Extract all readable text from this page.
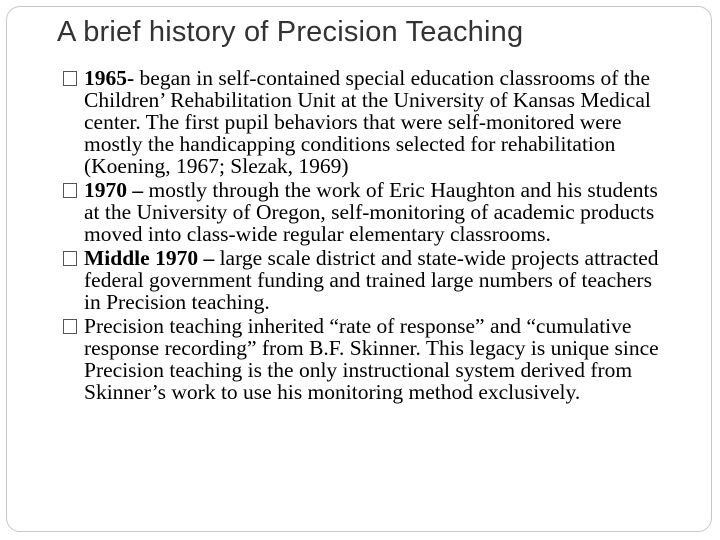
A brief history of Precision Teaching
1965- began in self-contained special education classrooms of the Children’ Rehabilitation Unit at the University of Kansas Medical center. The first pupil behaviors that were self-monitored were mostly the handicapping conditions selected for rehabilitation (Koening, 1967; Slezak, 1969)
1970 – mostly through the work of Eric Haughton and his students at the University of Oregon, self-monitoring of academic products moved into class-wide regular elementary classrooms.
Middle 1970 – large scale district and state-wide projects attracted federal government funding and trained large numbers of teachers in Precision teaching.
Precision teaching inherited “rate of response” and “cumulative response recording” from B.F. Skinner. This legacy is unique since Precision teaching is the only instructional system derived from Skinner’s work to use his monitoring method exclusively.
